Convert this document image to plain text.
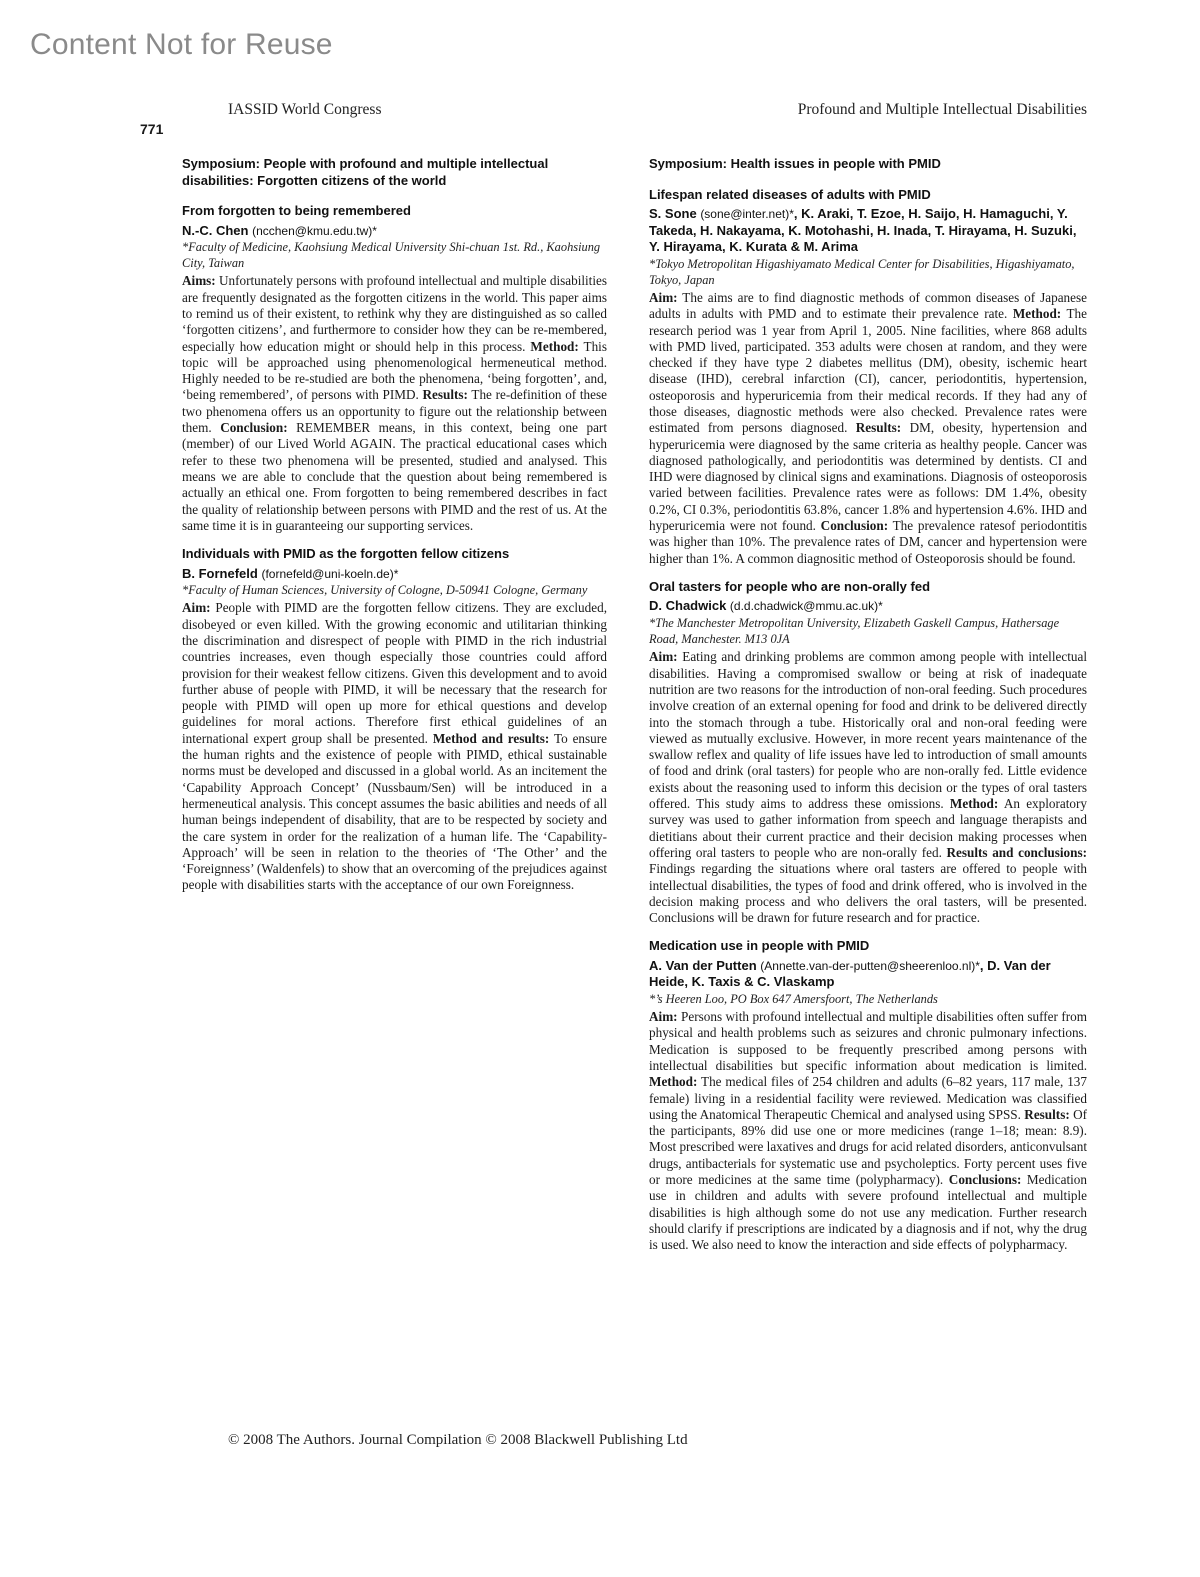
Content Not for Reuse
IASSID World Congress	Profound and Multiple Intellectual Disabilities
771
Symposium: People with profound and multiple intellectual disabilities: Forgotten citizens of the world
From forgotten to being remembered
N.-C. Chen (ncchen@kmu.edu.tw)*
*Faculty of Medicine, Kaohsiung Medical University Shi-chuan 1st. Rd., Kaohsiung City, Taiwan

Aims: Unfortunately persons with profound intellectual and multiple disabilities are frequently designated as the forgotten citizens in the world. This paper aims to remind us of their existent, to rethink why they are distinguished as so called ‘forgotten citizens’, and furthermore to consider how they can be re-membered, especially how education might or should help in this process. Method: This topic will be approached using phenomenological hermeneutical method. Highly needed to be re-studied are both the phenomena, ‘being forgotten’, and, ‘being remembered’, of persons with PIMD. Results: The re-definition of these two phenomena offers us an opportunity to figure out the relationship between them. Conclusion: REMEMBER means, in this context, being one part (member) of our Lived World AGAIN. The practical educational cases which refer to these two phenomena will be presented, studied and analysed. This means we are able to conclude that the question about being remembered is actually an ethical one. From forgotten to being remembered describes in fact the quality of relationship between persons with PIMD and the rest of us. At the same time it is in guaranteeing our supporting services.

Individuals with PMID as the forgotten fellow citizens
B. Fornefeld (fornefeld@uni-koeln.de)*
*Faculty of Human Sciences, University of Cologne, D-50941 Cologne, Germany

Aim: People with PIMD are the forgotten fellow citizens. They are excluded, disobeyed or even killed. With the growing economic and utilitarian thinking the discrimination and disrespect of people with PIMD in the rich industrial countries increases, even though especially those countries could afford provision for their weakest fellow citizens. Given this development and to avoid further abuse of people with PIMD, it will be necessary that the research for people with PIMD will open up more for ethical questions and develop guidelines for moral actions. Therefore first ethical guidelines of an international expert group shall be presented. Method and results: To ensure the human rights and the existence of people with PIMD, ethical sustainable norms must be developed and discussed in a global world. As an incitement the ‘Capability Approach Concept’ (Nussbaum/Sen) will be introduced in a hermeneutical analysis. This concept assumes the basic abilities and needs of all human beings independent of disability, that are to be respected by society and the care system in order for the realization of a human life. The ‘Capability-Approach’ will be seen in relation to the theories of ‘The Other’ and the ‘Foreignness’ (Waldenfels) to show that an overcoming of the prejudices against people with disabilities starts with the acceptance of our own Foreignness.

Symposium: Health issues in people with PMID
Lifespan related diseases of adults with PMID
S. Sone (sone@inter.net)*, K. Araki, T. Ezoe, H. Saijo, H. Hamaguchi, Y. Takeda, H. Nakayama, K. Motohashi, H. Inada, T. Hirayama, H. Suzuki, Y. Hirayama, K. Kurata & M. Arima
*Tokyo Metropolitan Higashiyamato Medical Center for Disabilities, Higashiyamato, Tokyo, Japan

Aim: The aims are to find diagnostic methods of common diseases of Japanese adults in adults with PMD and to estimate their prevalence rate. Method: The research period was 1 year from April 1, 2005. Nine facilities, where 868 adults with PMD lived, participated. 353 adults were chosen at random, and they were checked if they have type 2 diabetes mellitus (DM), obesity, ischemic heart disease (IHD), cerebral infarction (CI), cancer, periodontitis, hypertension, osteoporosis and hyperuricemia from their medical records. If they had any of those diseases, diagnostic methods were also checked. Prevalence rates were estimated from persons diagnosed. Results: DM, obesity, hypertension and hyperuricemia were diagnosed by the same criteria as healthy people. Cancer was diagnosed pathologically, and periodontitis was determined by dentists. CI and IHD were diagnosed by clinical signs and examinations. Diagnosis of osteoporosis varied between facilities. Prevalence rates were as follows: DM 1.4%, obesity 0.2%, CI 0.3%, periodontitis 63.8%, cancer 1.8% and hypertension 4.6%. IHD and hyperuricemia were not found. Conclusion: The prevalence ratesof periodontitis was higher than 10%. The prevalence rates of DM, cancer and hypertension were higher than 1%. A common diagnositic method of Osteoporosis should be found.

Oral tasters for people who are non-orally fed
D. Chadwick (d.d.chadwick@mmu.ac.uk)*
*The Manchester Metropolitan University, Elizabeth Gaskell Campus, Hathersage Road, Manchester. M13 0JA

Aim: Eating and drinking problems are common among people with intellectual disabilities. Having a compromised swallow or being at risk of inadequate nutrition are two reasons for the introduction of non-oral feeding. Such procedures involve creation of an external opening for food and drink to be delivered directly into the stomach through a tube. Historically oral and non-oral feeding were viewed as mutually exclusive. However, in more recent years maintenance of the swallow reflex and quality of life issues have led to introduction of small amounts of food and drink (oral tasters) for people who are non-orally fed. Little evidence exists about the reasoning used to inform this decision or the types of oral tasters offered. This study aims to address these omissions. Method: An exploratory survey was used to gather information from speech and language therapists and dietitians about their current practice and their decision making processes when offering oral tasters to people who are non-orally fed. Results and conclusions: Findings regarding the situations where oral tasters are offered to people with intellectual disabilities, the types of food and drink offered, who is involved in the decision making process and who delivers the oral tasters, will be presented. Conclusions will be drawn for future research and for practice.

Medication use in people with PMID
A. Van der Putten (Annette.van-der-putten@sheerenloo.nl)*, D. Van der Heide, K. Taxis & C. Vlaskamp
*’s Heeren Loo, PO Box 647 Amersfoort, The Netherlands

Aim: Persons with profound intellectual and multiple disabilities often suffer from physical and health problems such as seizures and chronic pulmonary infections. Medication is supposed to be frequently prescribed among persons with intellectual disabilities but specific information about medication is limited. Method: The medical files of 254 children and adults (6–82 years, 117 male, 137 female) living in a residential facility were reviewed. Medication was classified using the Anatomical Therapeutic Chemical and analysed using SPSS. Results: Of the participants, 89% did use one or more medicines (range 1–18; mean: 8.9). Most prescribed were laxatives and drugs for acid related disorders, anticonvulsant drugs, antibacterials for systematic use and psycholeptics. Forty percent uses five or more medicines at the same time (polypharmacy). Conclusions: Medication use in children and adults with severe profound intellectual and multiple disabilities is high although some do not use any medication. Further research should clarify if prescriptions are indicated by a diagnosis and if not, why the drug is used. We also need to know the interaction and side effects of polypharmacy.

© 2008 The Authors. Journal Compilation © 2008 Blackwell Publishing Ltd
